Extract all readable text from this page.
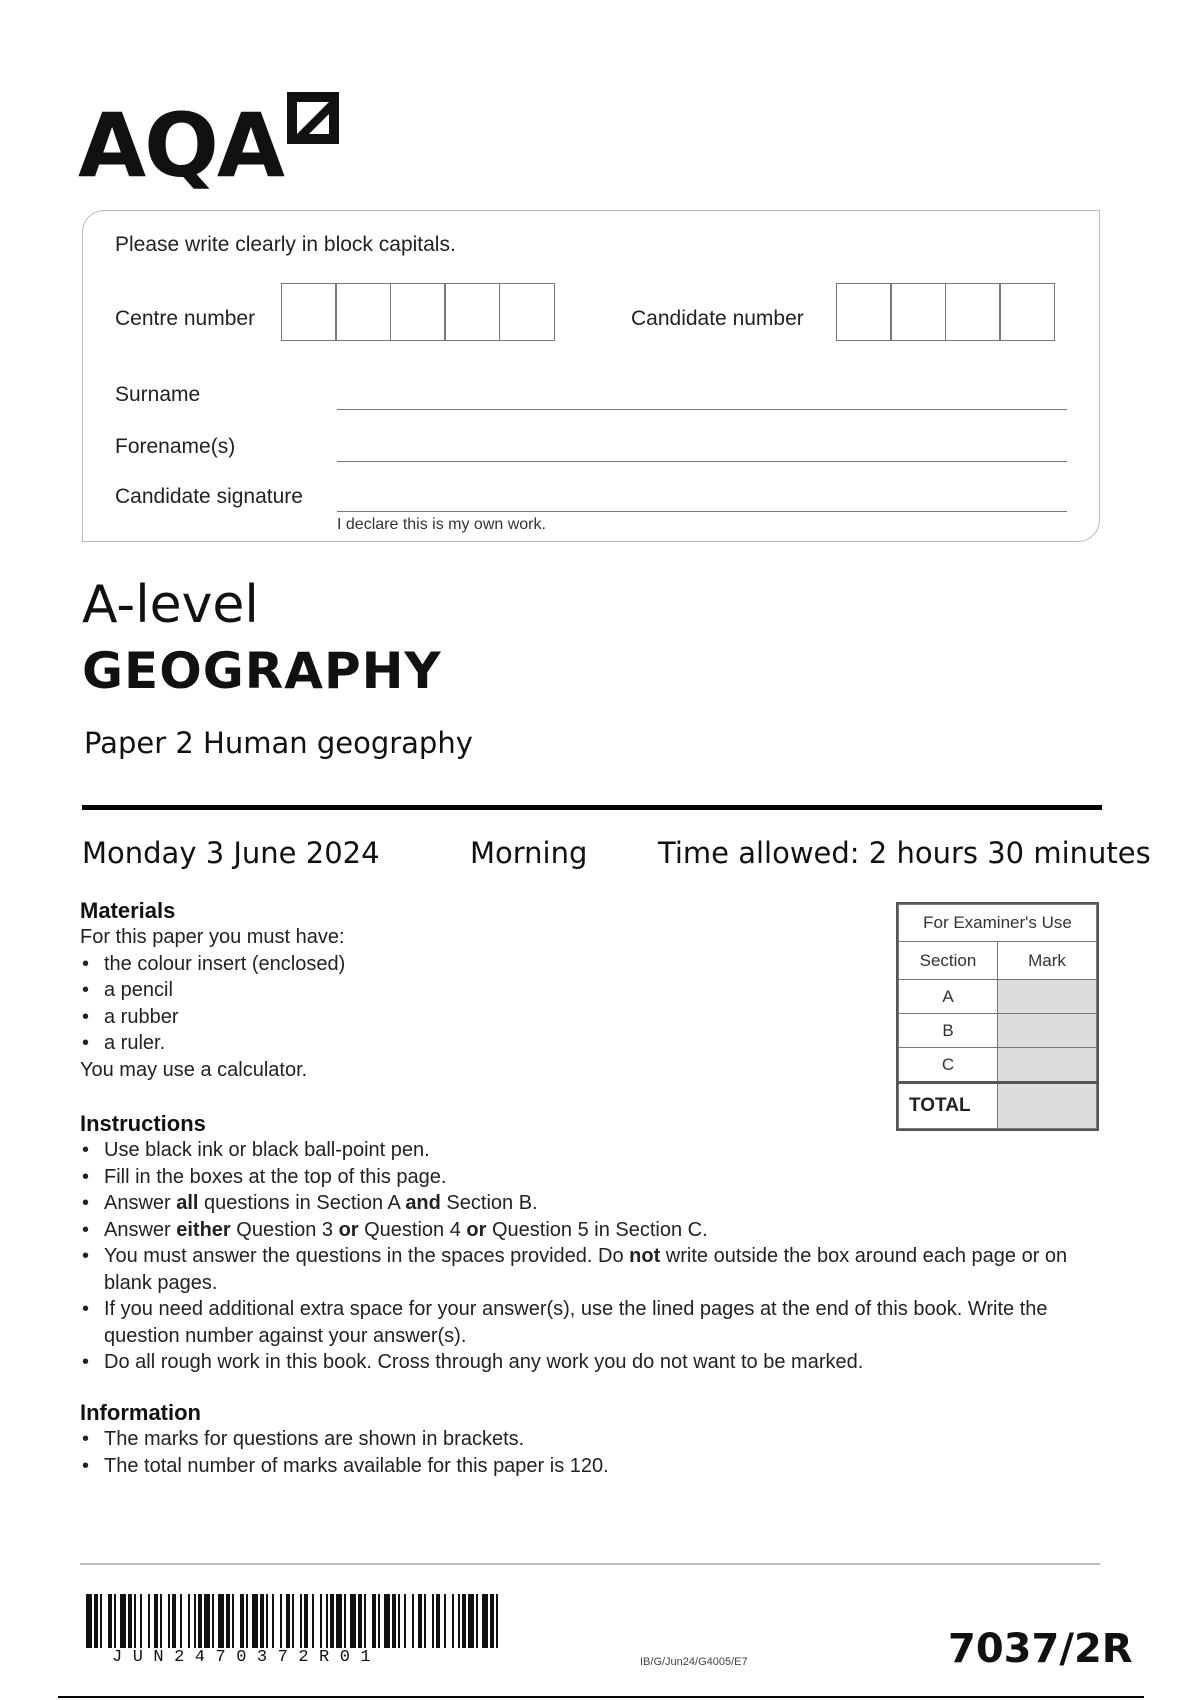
AQA
Please write clearly in block capitals.
Centre number	Candidate number
Surname
Forename(s)
Candidate signature
I declare this is my own work.
A-level
GEOGRAPHY
Paper 2 Human geography
Monday 3 June 2024	Morning Time allowed: 2 hours 30 minutes
For Examiner's Use	
Section	Mark
A	
B	
C	
TOTAL	
Materials

For this paper you must have:

• the colour insert (enclosed)
• a pencil
• a rubber
• a ruler.

You may use a calculator.

Instructions
• Use black ink or black ball-point pen.
• Fill in the boxes at the top of this page.
• Answer all questions in Section A and Section B.
• Answer either Question 3 or Question 4 or Question 5 in Section C.
• You must answer the questions in the spaces provided. Do not write outside the box around each page or on blank pages.
• If you need additional extra space for your answer(s), use the lined pages at the end of this book. Write the question number against your answer(s).
• Do all rough work in this book. Cross through any work you do not want to be marked.
Information
• The marks for questions are shown in brackets.
• The total number of marks available for this paper is 120.
JUN2470372R01	IB/G/Jun24/G4005/E7	7037/2R
